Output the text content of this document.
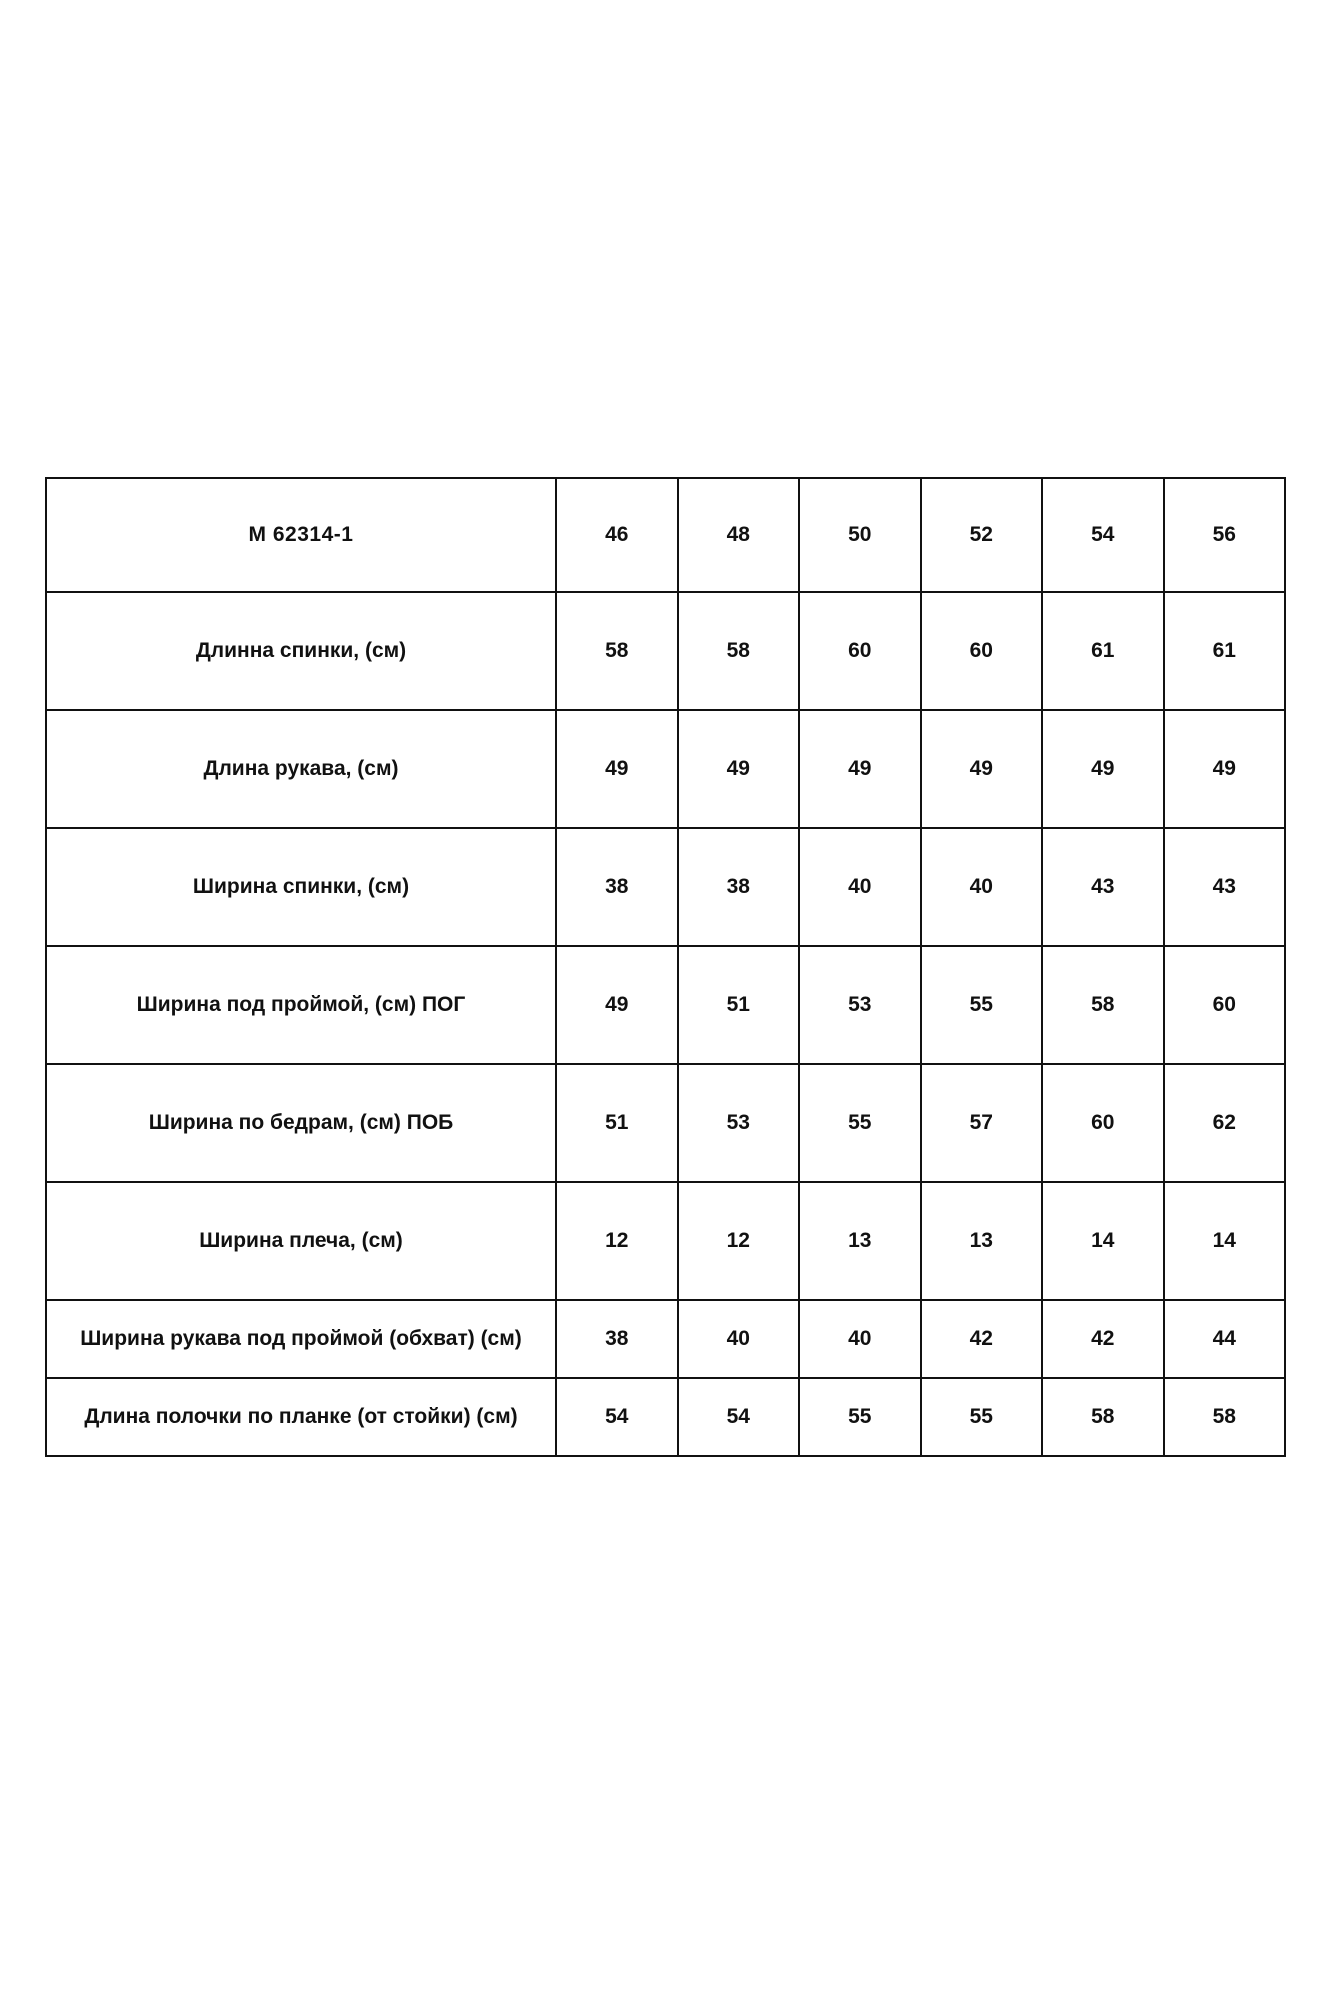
M 62314-1	46	48	50	52	54	56
Длинна спинки, (см)	58	58	60	60	61	61
Длина рукава, (см)	49	49	49	49	49	49
Ширина спинки, (см)	38	38	40	40	43	43
Ширина под проймой, (см) ПОГ	49	51	53	55	58	60
Ширина по бедрам, (см) ПОБ	51	53	55	57	60	62
Ширина плеча, (см)	12	12	13	13	14	14
Ширина рукава под проймой (обхват) (см)	38	40	40	42	42	44
Длина полочки по планке (от стойки) (см)	54	54	55	55	58	58
